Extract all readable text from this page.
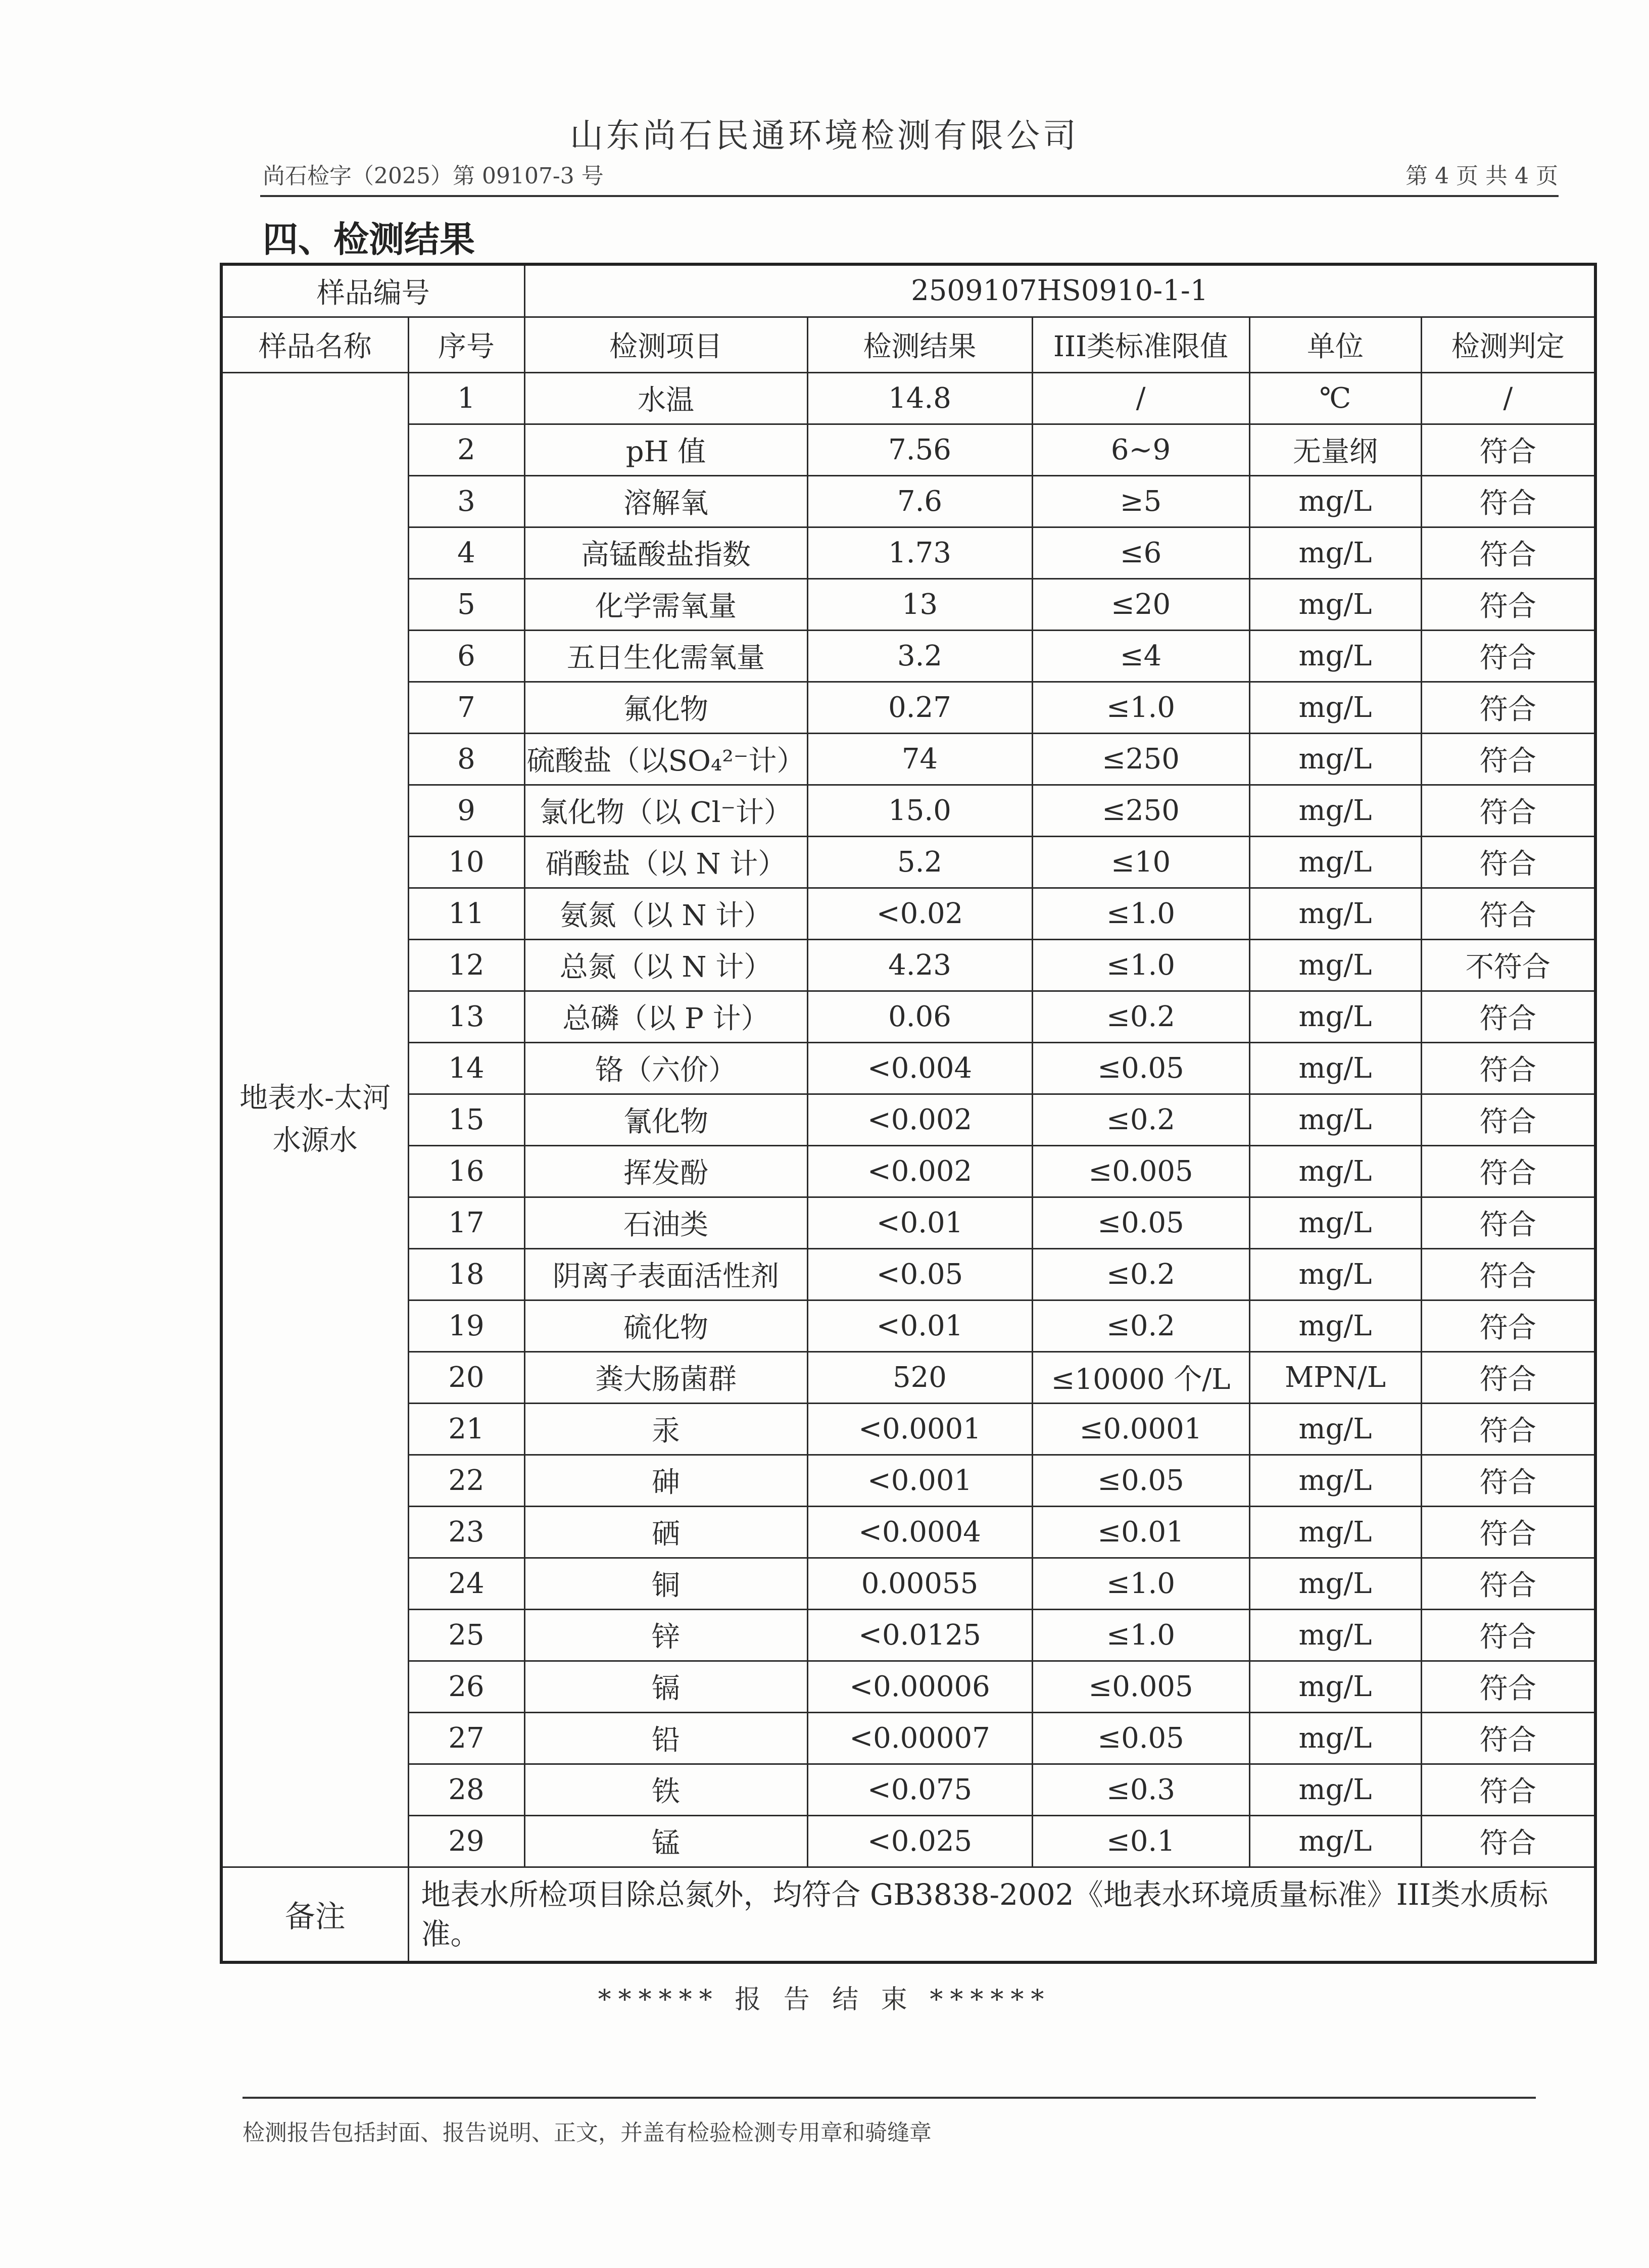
山东尚石民通环境检测有限公司
尚石检字（2025）第 09107-3 号	第 4 页 共 4 页
四、检测结果
样品编号		2509107HS0910-1-1				
样品名称	序号	检测项目	检测结果	III类标准限值	单位	检测判定
地表水-太河水源水	1	水温	14.8	/	℃	/
	2	pH 值	7.56	6~9	无量纲	符合
	3	溶解氧	7.6	≥5	mg/L	符合
	4	高锰酸盐指数	1.73	≤6	mg/L	符合
	5	化学需氧量	13	≤20	mg/L	符合
	6	五日生化需氧量	3.2	≤4	mg/L	符合
	7	氟化物	0.27	≤1.0	mg/L	符合
	8	硫酸盐（以SO₄²⁻计）	74	≤250	mg/L	符合
	9	氯化物（以 Cl⁻计）	15.0	≤250	mg/L	符合
	10	硝酸盐（以 N 计）	5.2	≤10	mg/L	符合
	11	氨氮（以 N 计）	<0.02	≤1.0	mg/L	符合
	12	总氮（以 N 计）	4.23	≤1.0	mg/L	不符合
	13	总磷（以 P 计）	0.06	≤0.2	mg/L	符合
	14	铬（六价）	<0.004	≤0.05	mg/L	符合
	15	氰化物	<0.002	≤0.2	mg/L	符合
	16	挥发酚	<0.002	≤0.005	mg/L	符合
	17	石油类	<0.01	≤0.05	mg/L	符合
	18	阴离子表面活性剂	<0.05	≤0.2	mg/L	符合
	19	硫化物	<0.01	≤0.2	mg/L	符合
	20	粪大肠菌群	520	≤10000 个/L	MPN/L	符合
	21	汞	<0.0001	≤0.0001	mg/L	符合
	22	砷	<0.001	≤0.05	mg/L	符合
	23	硒	<0.0004	≤0.01	mg/L	符合
	24	铜	0.00055	≤1.0	mg/L	符合
	25	锌	<0.0125	≤1.0	mg/L	符合
	26	镉	<0.00006	≤0.005	mg/L	符合
	27	铅	<0.00007	≤0.05	mg/L	符合
	28	铁	<0.075	≤0.3	mg/L	符合
	29	锰	<0.025	≤0.1	mg/L	符合
备注	地表水所检项目除总氮外，均符合 GB3838-2002《地表水环境质量标准》III类水质标准。					
****** 报 告 结 束 ******
检测报告包括封面、报告说明、正文，并盖有检验检测专用章和骑缝章
